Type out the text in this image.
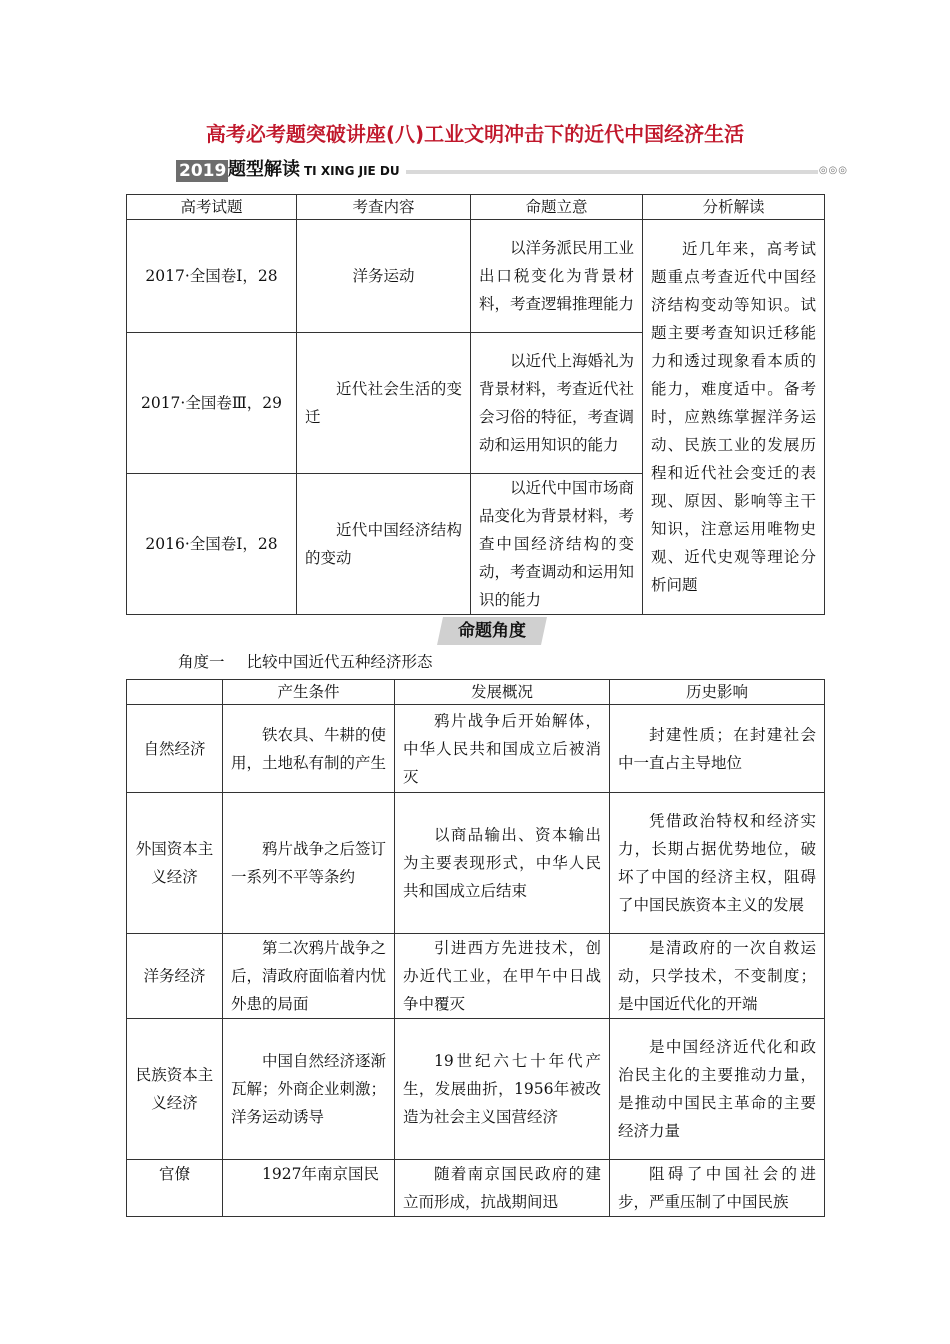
高考必考题突破讲座(八)工业文明冲击下的近代中国经济生活
2019 题型解读 TI XING JIE DU	◎◎◎
高考试题	考查内容	命题立意	分析解读
2017·全国卷Ⅰ，28	洋务运动	以洋务派民用工业出口税变化为背景材料，考查逻辑推理能力	近几年来，高考试题重点考查近代中国经济结构变动等知识。试题主要考查知识迁移能力和透过现象看本质的能力，难度适中。备考时，应熟练掌握洋务运动、民族工业的发展历程和近代社会变迁的表现、原因、影响等主干知识，注意运用唯物史观、近代史观等理论分析问题
2017·全国卷Ⅲ，29	近代社会生活的变迁	以近代上海婚礼为背景材料，考查近代社会习俗的特征，考查调动和运用知识的能力	
2016·全国卷Ⅰ，28	近代中国经济结构的变动	以近代中国市场商品变化为背景材料，考查中国经济结构的变动，考查调动和运用知识的能力	
命题角度
角度一 比较中国近代五种经济形态
	产生条件	发展概况	历史影响
自然经济	铁农具、牛耕的使用，土地私有制的产生	鸦片战争后开始解体，中华人民共和国成立后被消灭	封建性质；在封建社会中一直占主导地位
外国资本主义经济	鸦片战争之后签订一系列不平等条约	以商品输出、资本输出为主要表现形式，中华人民共和国成立后结束	凭借政治特权和经济实力，长期占据优势地位，破坏了中国的经济主权，阻碍了中国民族资本主义的发展
洋务经济	第二次鸦片战争之后，清政府面临着内忧外患的局面	引进西方先进技术，创办近代工业，在甲午中日战争中覆灭	是清政府的一次自救运动，只学技术，不变制度；是中国近代化的开端
民族资本主义经济	中国自然经济逐渐瓦解；外商企业刺激；洋务运动诱导	19世纪六七十年代产生，发展曲折，1956年被改造为社会主义国营经济	是中国经济近代化和政治民主化的主要推动力量，是推动中国民主革命的主要经济力量
官僚	1927年南京国民	随着南京国民政府的建立而形成，抗战期间迅	阻碍了中国社会的进步，严重压制了中国民族
